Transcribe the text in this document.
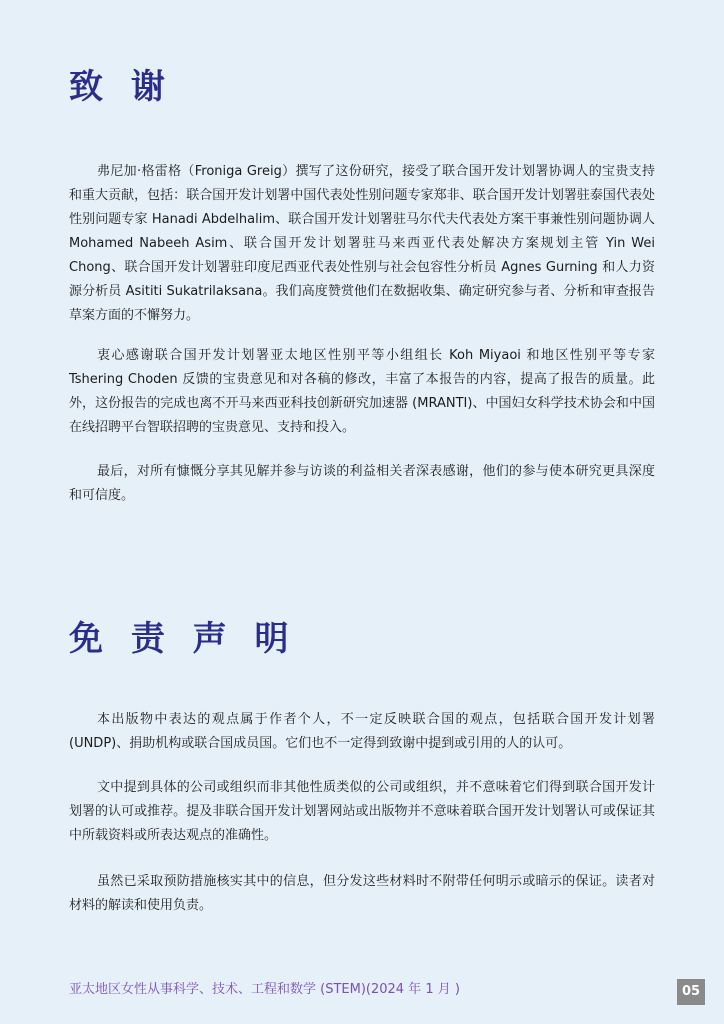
致 谢

弗尼加·格雷格（Froniga Greig）撰写了这份研究，接受了联合国开发计划署协调人的宝贵支持和重大贡献，包括：联合国开发计划署中国代表处性别问题专家郑非、联合国开发计划署驻泰国代表处性别问题专家 Hanadi Abdelhalim、联合国开发计划署驻马尔代夫代表处方案干事兼性别问题协调人 Mohamed Nabeeh Asim、联合国开发计划署驻马来西亚代表处解决方案规划主管 Yin Wei Chong、联合国开发计划署驻印度尼西亚代表处性别与社会包容性分析员 Agnes Gurning 和人力资源分析员 Asititi Sukatrilaksana。我们高度赞赏他们在数据收集、确定研究参与者、分析和审查报告草案方面的不懈努力。

衷心感谢联合国开发计划署亚太地区性别平等小组组长 Koh Miyaoi 和地区性别平等专家 Tshering Choden 反馈的宝贵意见和对各稿的修改，丰富了本报告的内容，提高了报告的质量。此外，这份报告的完成也离不开马来西亚科技创新研究加速器 (MRANTI)、中国妇女科学技术协会和中国在线招聘平台智联招聘的宝贵意见、支持和投入。

最后，对所有慷慨分享其见解并参与访谈的利益相关者深表感谢，他们的参与使本研究更具深度和可信度。

免 责 声 明

本出版物中表达的观点属于作者个人，不一定反映联合国的观点，包括联合国开发计划署 (UNDP)、捐助机构或联合国成员国。它们也不一定得到致谢中提到或引用的人的认可。

文中提到具体的公司或组织而非其他性质类似的公司或组织，并不意味着它们得到联合国开发计划署的认可或推荐。提及非联合国开发计划署网站或出版物并不意味着联合国开发计划署认可或保证其中所载资料或所表达观点的准确性。

虽然已采取预防措施核实其中的信息，但分发这些材料时不附带任何明示或暗示的保证。读者对材料的解读和使用负责。

亚太地区女性从事科学、技术、工程和数学 (STEM)(2024 年 1 月 )	05
